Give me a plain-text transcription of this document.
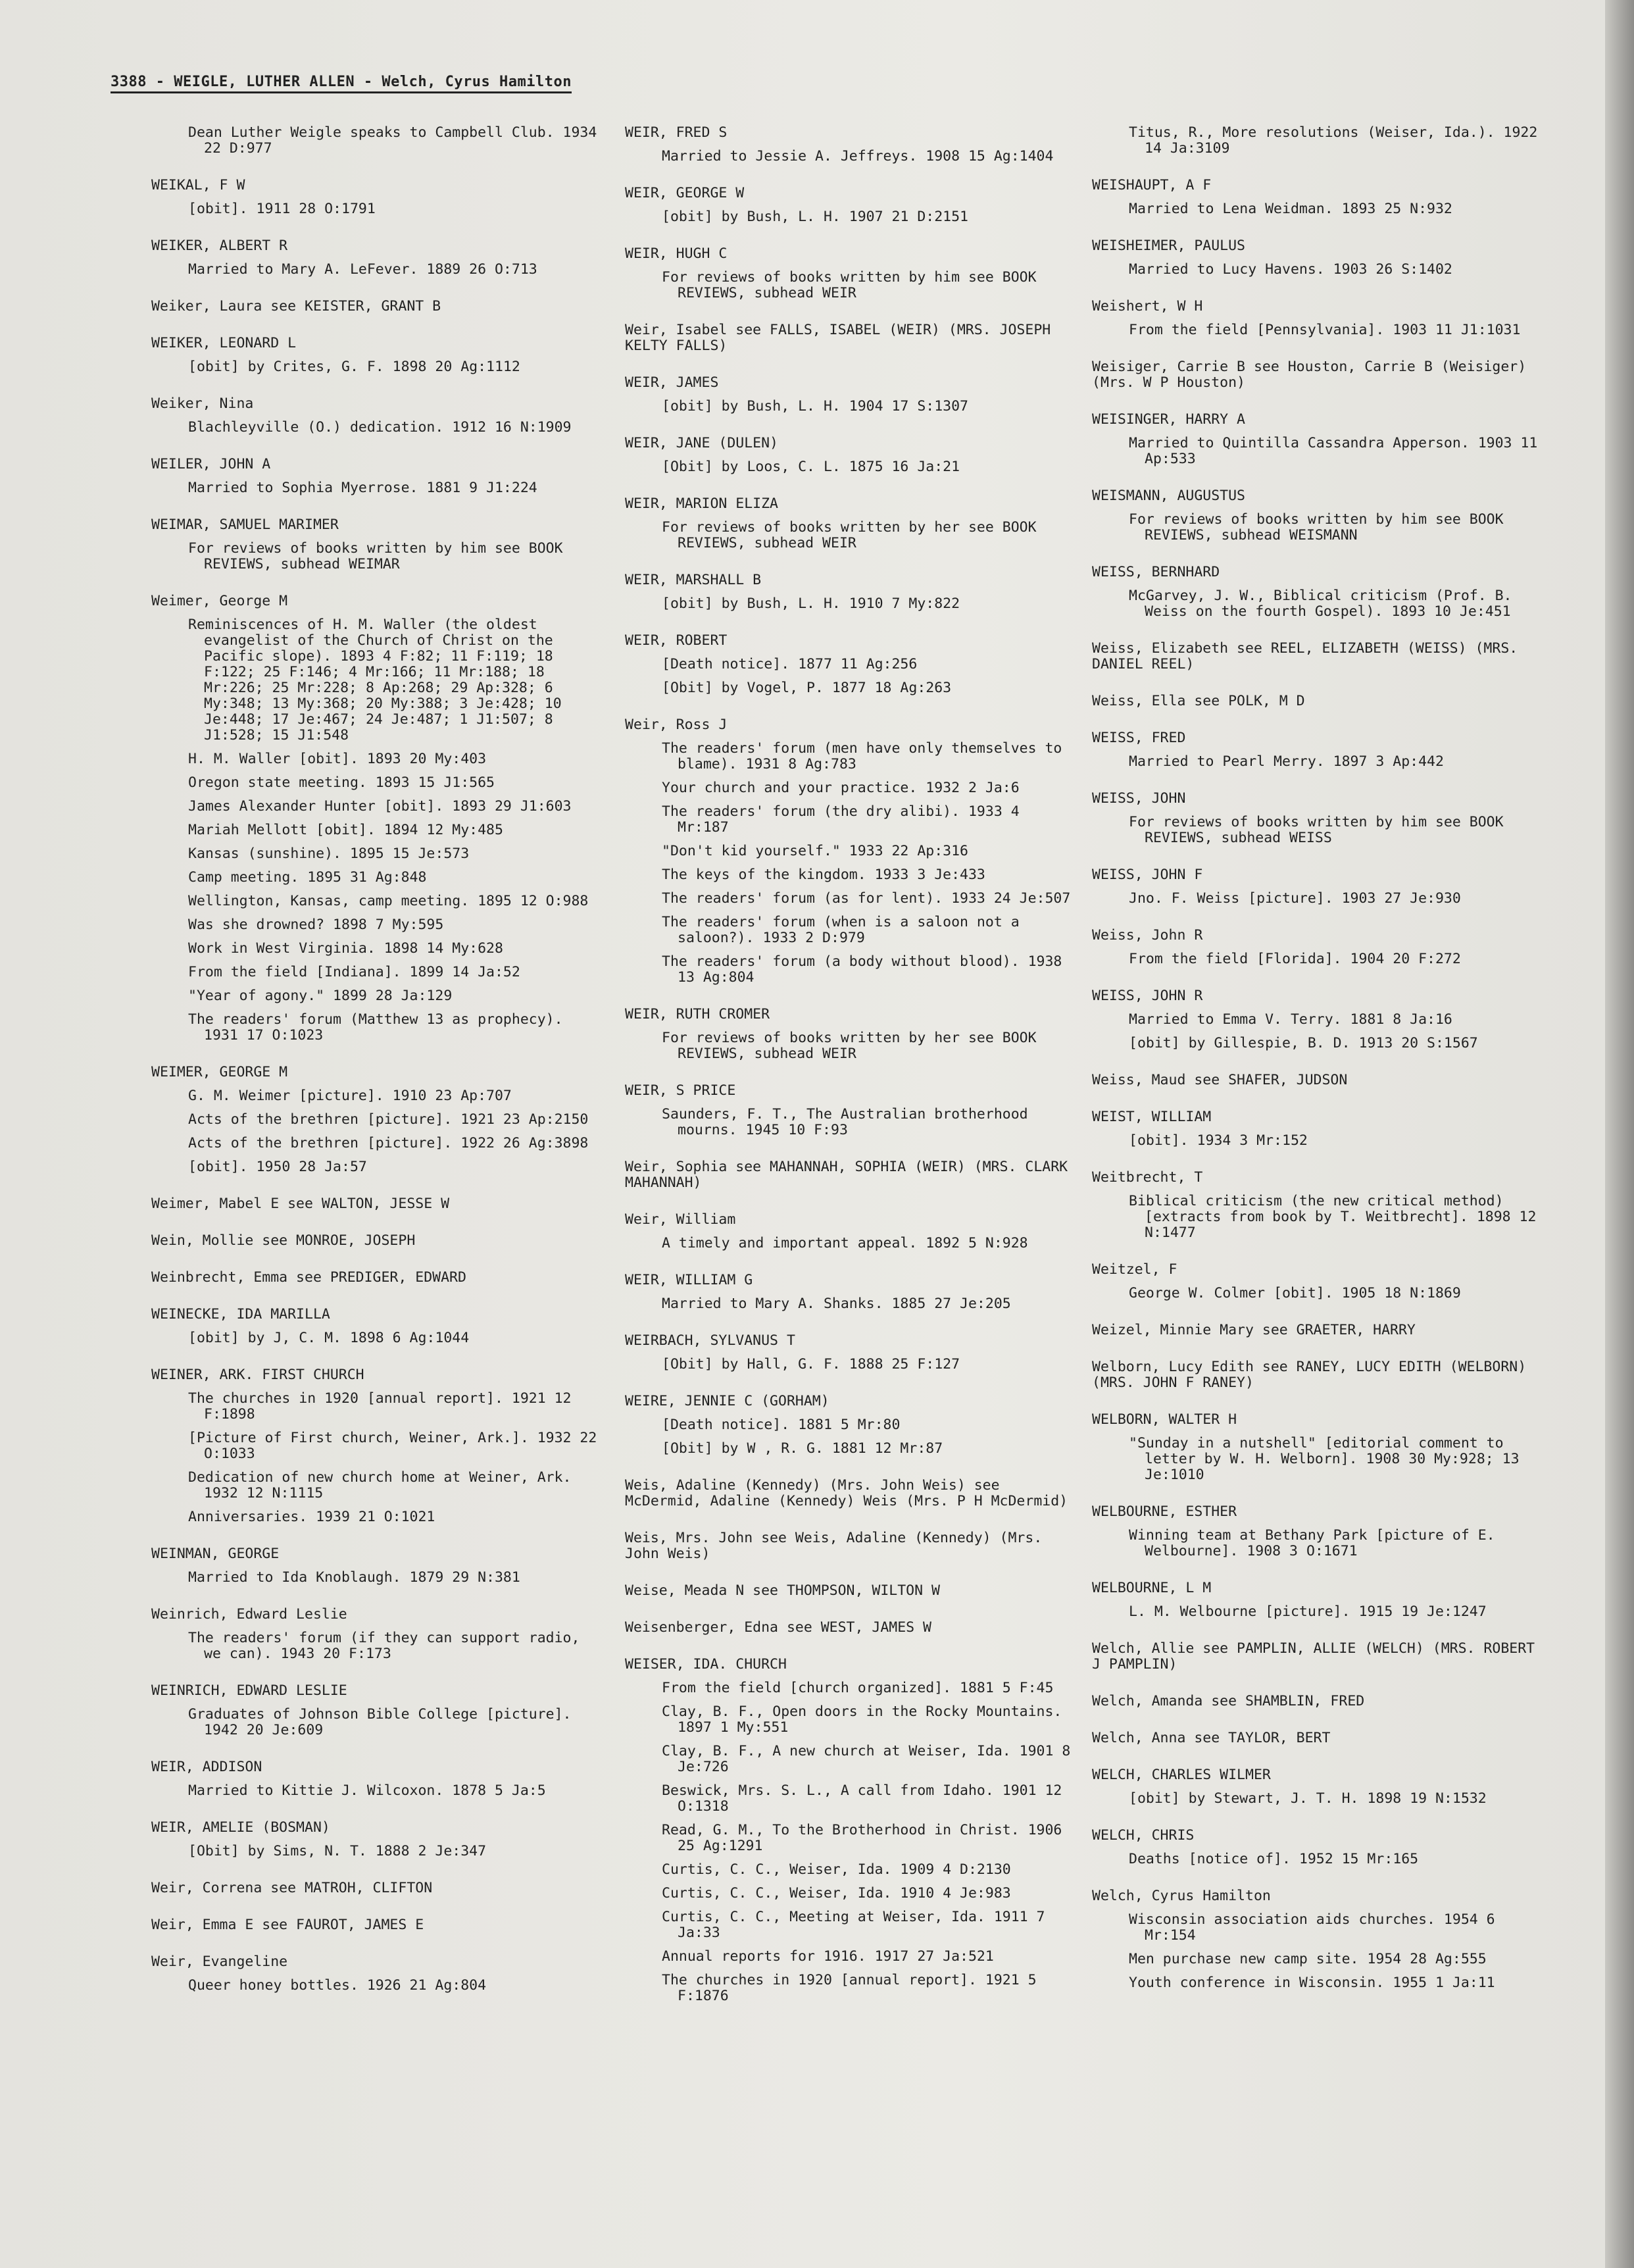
3388 - WEIGLE, LUTHER ALLEN - Welch, Cyrus Hamilton
Dean Luther Weigle speaks to Campbell Club. 1934 22 D:977
WEIKAL, F W
[obit]. 1911 28 O:1791
WEIKER, ALBERT R
Married to Mary A. LeFever. 1889 26 O:713
Weiker, Laura see KEISTER, GRANT B
WEIKER, LEONARD L
[obit] by Crites, G. F. 1898 20 Ag:1112
Weiker, Nina
Blachleyville (O.) dedication. 1912 16 N:1909
WEILER, JOHN A
Married to Sophia Myerrose. 1881 9 J1:224
WEIMAR, SAMUEL MARIMER
For reviews of books written by him see BOOK REVIEWS, subhead WEIMAR
Weimer, George M
Reminiscences of H. M. Waller (the oldest evangelist of the Church of Christ on the Pacific slope). 1893 4 F:82; 11 F:119; 18 F:122; 25 F:146; 4 Mr:166; 11 Mr:188; 18 Mr:226; 25 Mr:228; 8 Ap:268; 29 Ap:328; 6 My:348; 13 My:368; 20 My:388; 3 Je:428; 10 Je:448; 17 Je:467; 24 Je:487; 1 J1:507; 8 J1:528; 15 J1:548
H. M. Waller [obit]. 1893 20 My:403
Oregon state meeting. 1893 15 J1:565
James Alexander Hunter [obit]. 1893 29 J1:603
Mariah Mellott [obit]. 1894 12 My:485
Kansas (sunshine). 1895 15 Je:573
Camp meeting. 1895 31 Ag:848
Wellington, Kansas, camp meeting. 1895 12 O:988
Was she drowned? 1898 7 My:595
Work in West Virginia. 1898 14 My:628
From the field [Indiana]. 1899 14 Ja:52
"Year of agony." 1899 28 Ja:129
The readers' forum (Matthew 13 as prophecy). 1931 17 O:1023
WEIMER, GEORGE M
G. M. Weimer [picture]. 1910 23 Ap:707
Acts of the brethren [picture]. 1921 23 Ap:2150
Acts of the brethren [picture]. 1922 26 Ag:3898
[obit]. 1950 28 Ja:57
Weimer, Mabel E see WALTON, JESSE W
Wein, Mollie see MONROE, JOSEPH
Weinbrecht, Emma see PREDIGER, EDWARD
WEINECKE, IDA MARILLA
[obit] by J, C. M. 1898 6 Ag:1044
WEINER, ARK. FIRST CHURCH
The churches in 1920 [annual report]. 1921 12 F:1898
[Picture of First church, Weiner, Ark.]. 1932 22 O:1033
Dedication of new church home at Weiner, Ark. 1932 12 N:1115
Anniversaries. 1939 21 O:1021
WEINMAN, GEORGE
Married to Ida Knoblaugh. 1879 29 N:381
Weinrich, Edward Leslie
The readers' forum (if they can support radio, we can). 1943 20 F:173
WEINRICH, EDWARD LESLIE
Graduates of Johnson Bible College [picture]. 1942 20 Je:609
WEIR, ADDISON
Married to Kittie J. Wilcoxon. 1878 5 Ja:5
WEIR, AMELIE (BOSMAN)
[Obit] by Sims, N. T. 1888 2 Je:347
Weir, Correna see MATROH, CLIFTON
Weir, Emma E see FAUROT, JAMES E
Weir, Evangeline
Queer honey bottles. 1926 21 Ag:804
WEIR, FRED S
Married to Jessie A. Jeffreys. 1908 15 Ag:1404
WEIR, GEORGE W
[obit] by Bush, L. H. 1907 21 D:2151
WEIR, HUGH C
For reviews of books written by him see BOOK REVIEWS, subhead WEIR
Weir, Isabel see FALLS, ISABEL (WEIR) (MRS. JOSEPH KELTY FALLS)
WEIR, JAMES
[obit] by Bush, L. H. 1904 17 S:1307
WEIR, JANE (DULEN)
[Obit] by Loos, C. L. 1875 16 Ja:21
WEIR, MARION ELIZA
For reviews of books written by her see BOOK REVIEWS, subhead WEIR
WEIR, MARSHALL B
[obit] by Bush, L. H. 1910 7 My:822
WEIR, ROBERT
[Death notice]. 1877 11 Ag:256
[Obit] by Vogel, P. 1877 18 Ag:263
Weir, Ross J
The readers' forum (men have only themselves to blame). 1931 8 Ag:783
Your church and your practice. 1932 2 Ja:6
The readers' forum (the dry alibi). 1933 4 Mr:187
"Don't kid yourself." 1933 22 Ap:316
The keys of the kingdom. 1933 3 Je:433
The readers' forum (as for lent). 1933 24 Je:507
The readers' forum (when is a saloon not a saloon?). 1933 2 D:979
The readers' forum (a body without blood). 1938 13 Ag:804
WEIR, RUTH CROMER
For reviews of books written by her see BOOK REVIEWS, subhead WEIR
WEIR, S PRICE
Saunders, F. T., The Australian brotherhood mourns. 1945 10 F:93
Weir, Sophia see MAHANNAH, SOPHIA (WEIR) (MRS. CLARK MAHANNAH)
Weir, William
A timely and important appeal. 1892 5 N:928
WEIR, WILLIAM G
Married to Mary A. Shanks. 1885 27 Je:205
WEIRBACH, SYLVANUS T
[Obit] by Hall, G. F. 1888 25 F:127
WEIRE, JENNIE C (GORHAM)
[Death notice]. 1881 5 Mr:80
[Obit] by W , R. G. 1881 12 Mr:87
Weis, Adaline (Kennedy) (Mrs. John Weis) see McDermid, Adaline (Kennedy) Weis (Mrs. P H McDermid)
Weis, Mrs. John see Weis, Adaline (Kennedy) (Mrs. John Weis)
Weise, Meada N see THOMPSON, WILTON W
Weisenberger, Edna see WEST, JAMES W
WEISER, IDA. CHURCH
From the field [church organized]. 1881 5 F:45
Clay, B. F., Open doors in the Rocky Mountains. 1897 1 My:551
Clay, B. F., A new church at Weiser, Ida. 1901 8 Je:726
Beswick, Mrs. S. L., A call from Idaho. 1901 12 O:1318
Read, G. M., To the Brotherhood in Christ. 1906 25 Ag:1291
Curtis, C. C., Weiser, Ida. 1909 4 D:2130
Curtis, C. C., Weiser, Ida. 1910 4 Je:983
Curtis, C. C., Meeting at Weiser, Ida. 1911 7 Ja:33
Annual reports for 1916. 1917 27 Ja:521
The churches in 1920 [annual report]. 1921 5 F:1876
Titus, R., More resolutions (Weiser, Ida.). 1922 14 Ja:3109
WEISHAUPT, A F
Married to Lena Weidman. 1893 25 N:932
WEISHEIMER, PAULUS
Married to Lucy Havens. 1903 26 S:1402
Weishert, W H
From the field [Pennsylvania]. 1903 11 J1:1031
Weisiger, Carrie B see Houston, Carrie B (Weisiger) (Mrs. W P Houston)
WEISINGER, HARRY A
Married to Quintilla Cassandra Apperson. 1903 11 Ap:533
WEISMANN, AUGUSTUS
For reviews of books written by him see BOOK REVIEWS, subhead WEISMANN
WEISS, BERNHARD
McGarvey, J. W., Biblical criticism (Prof. B. Weiss on the fourth Gospel). 1893 10 Je:451
Weiss, Elizabeth see REEL, ELIZABETH (WEISS) (MRS. DANIEL REEL)
Weiss, Ella see POLK, M D
WEISS, FRED
Married to Pearl Merry. 1897 3 Ap:442
WEISS, JOHN
For reviews of books written by him see BOOK REVIEWS, subhead WEISS
WEISS, JOHN F
Jno. F. Weiss [picture]. 1903 27 Je:930
Weiss, John R
From the field [Florida]. 1904 20 F:272
WEISS, JOHN R
Married to Emma V. Terry. 1881 8 Ja:16
[obit] by Gillespie, B. D. 1913 20 S:1567
Weiss, Maud see SHAFER, JUDSON
WEIST, WILLIAM
[obit]. 1934 3 Mr:152
Weitbrecht, T
Biblical criticism (the new critical method) [extracts from book by T. Weitbrecht]. 1898 12 N:1477
Weitzel, F
George W. Colmer [obit]. 1905 18 N:1869
Weizel, Minnie Mary see GRAETER, HARRY
Welborn, Lucy Edith see RANEY, LUCY EDITH (WELBORN) (MRS. JOHN F RANEY)
WELBORN, WALTER H
"Sunday in a nutshell" [editorial comment to letter by W. H. Welborn]. 1908 30 My:928; 13 Je:1010
WELBOURNE, ESTHER
Winning team at Bethany Park [picture of E. Welbourne]. 1908 3 O:1671
WELBOURNE, L M
L. M. Welbourne [picture]. 1915 19 Je:1247
Welch, Allie see PAMPLIN, ALLIE (WELCH) (MRS. ROBERT J PAMPLIN)
Welch, Amanda see SHAMBLIN, FRED
Welch, Anna see TAYLOR, BERT
WELCH, CHARLES WILMER
[obit] by Stewart, J. T. H. 1898 19 N:1532
WELCH, CHRIS
Deaths [notice of]. 1952 15 Mr:165
Welch, Cyrus Hamilton
Wisconsin association aids churches. 1954 6 Mr:154
Men purchase new camp site. 1954 28 Ag:555
Youth conference in Wisconsin. 1955 1 Ja:11
